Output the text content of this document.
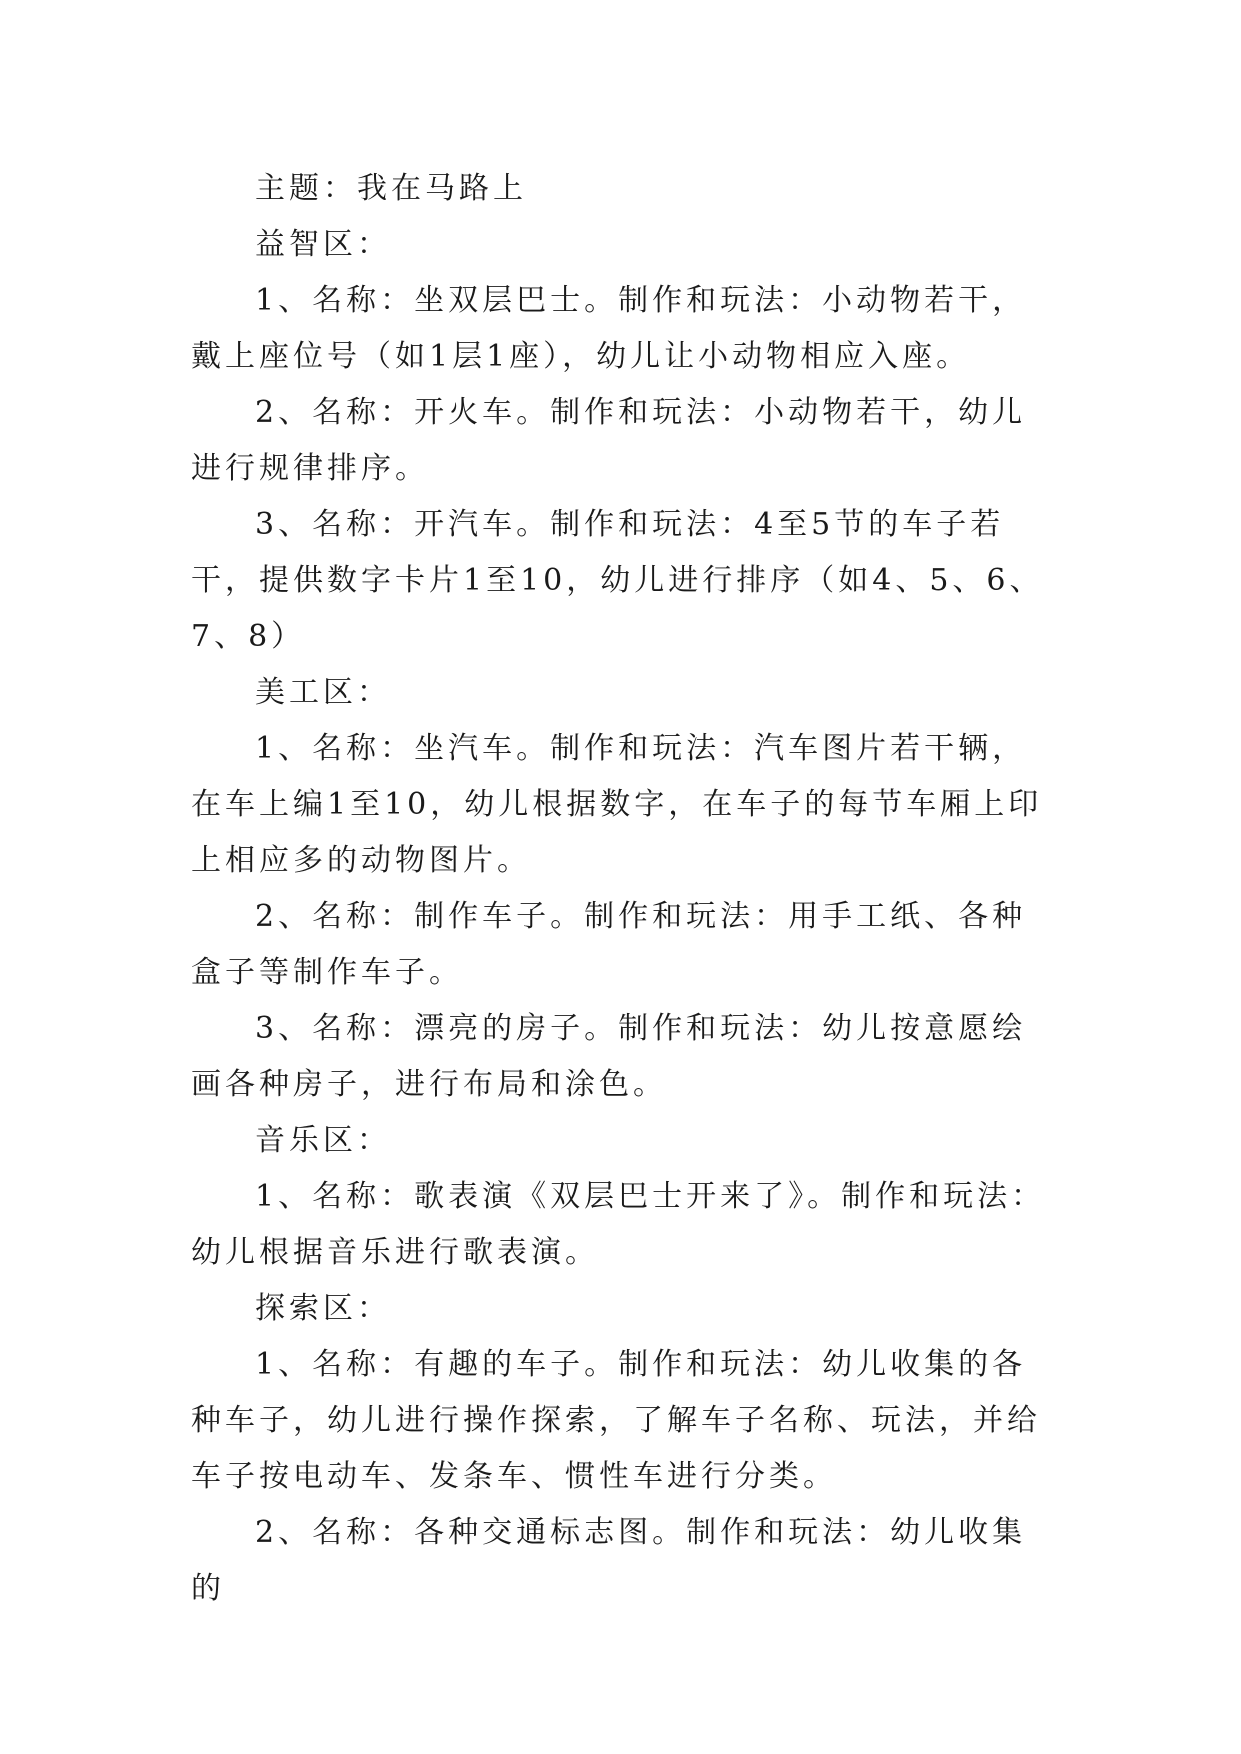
主题：我在马路上

益智区：

1、名称：坐双层巴士。制作和玩法：小动物若干，戴上座位号（如1层1座），幼儿让小动物相应入座。

2、名称：开火车。制作和玩法：小动物若干，幼儿进行规律排序。

3、名称：开汽车。制作和玩法：4至5节的车子若干，提供数字卡片1至10，幼儿进行排序（如4、5、6、7、8）

美工区：

1、名称：坐汽车。制作和玩法：汽车图片若干辆，在车上编1至10，幼儿根据数字，在车子的每节车厢上印上相应多的动物图片。

2、名称：制作车子。制作和玩法：用手工纸、各种盒子等制作车子。

3、名称：漂亮的房子。制作和玩法：幼儿按意愿绘画各种房子，进行布局和涂色。

音乐区：

1、名称：歌表演《双层巴士开来了》。制作和玩法：幼儿根据音乐进行歌表演。

探索区：

1、名称：有趣的车子。制作和玩法：幼儿收集的各种车子，幼儿进行操作探索，了解车子名称、玩法，并给车子按电动车、发条车、惯性车进行分类。

2、名称：各种交通标志图。制作和玩法：幼儿收集的
